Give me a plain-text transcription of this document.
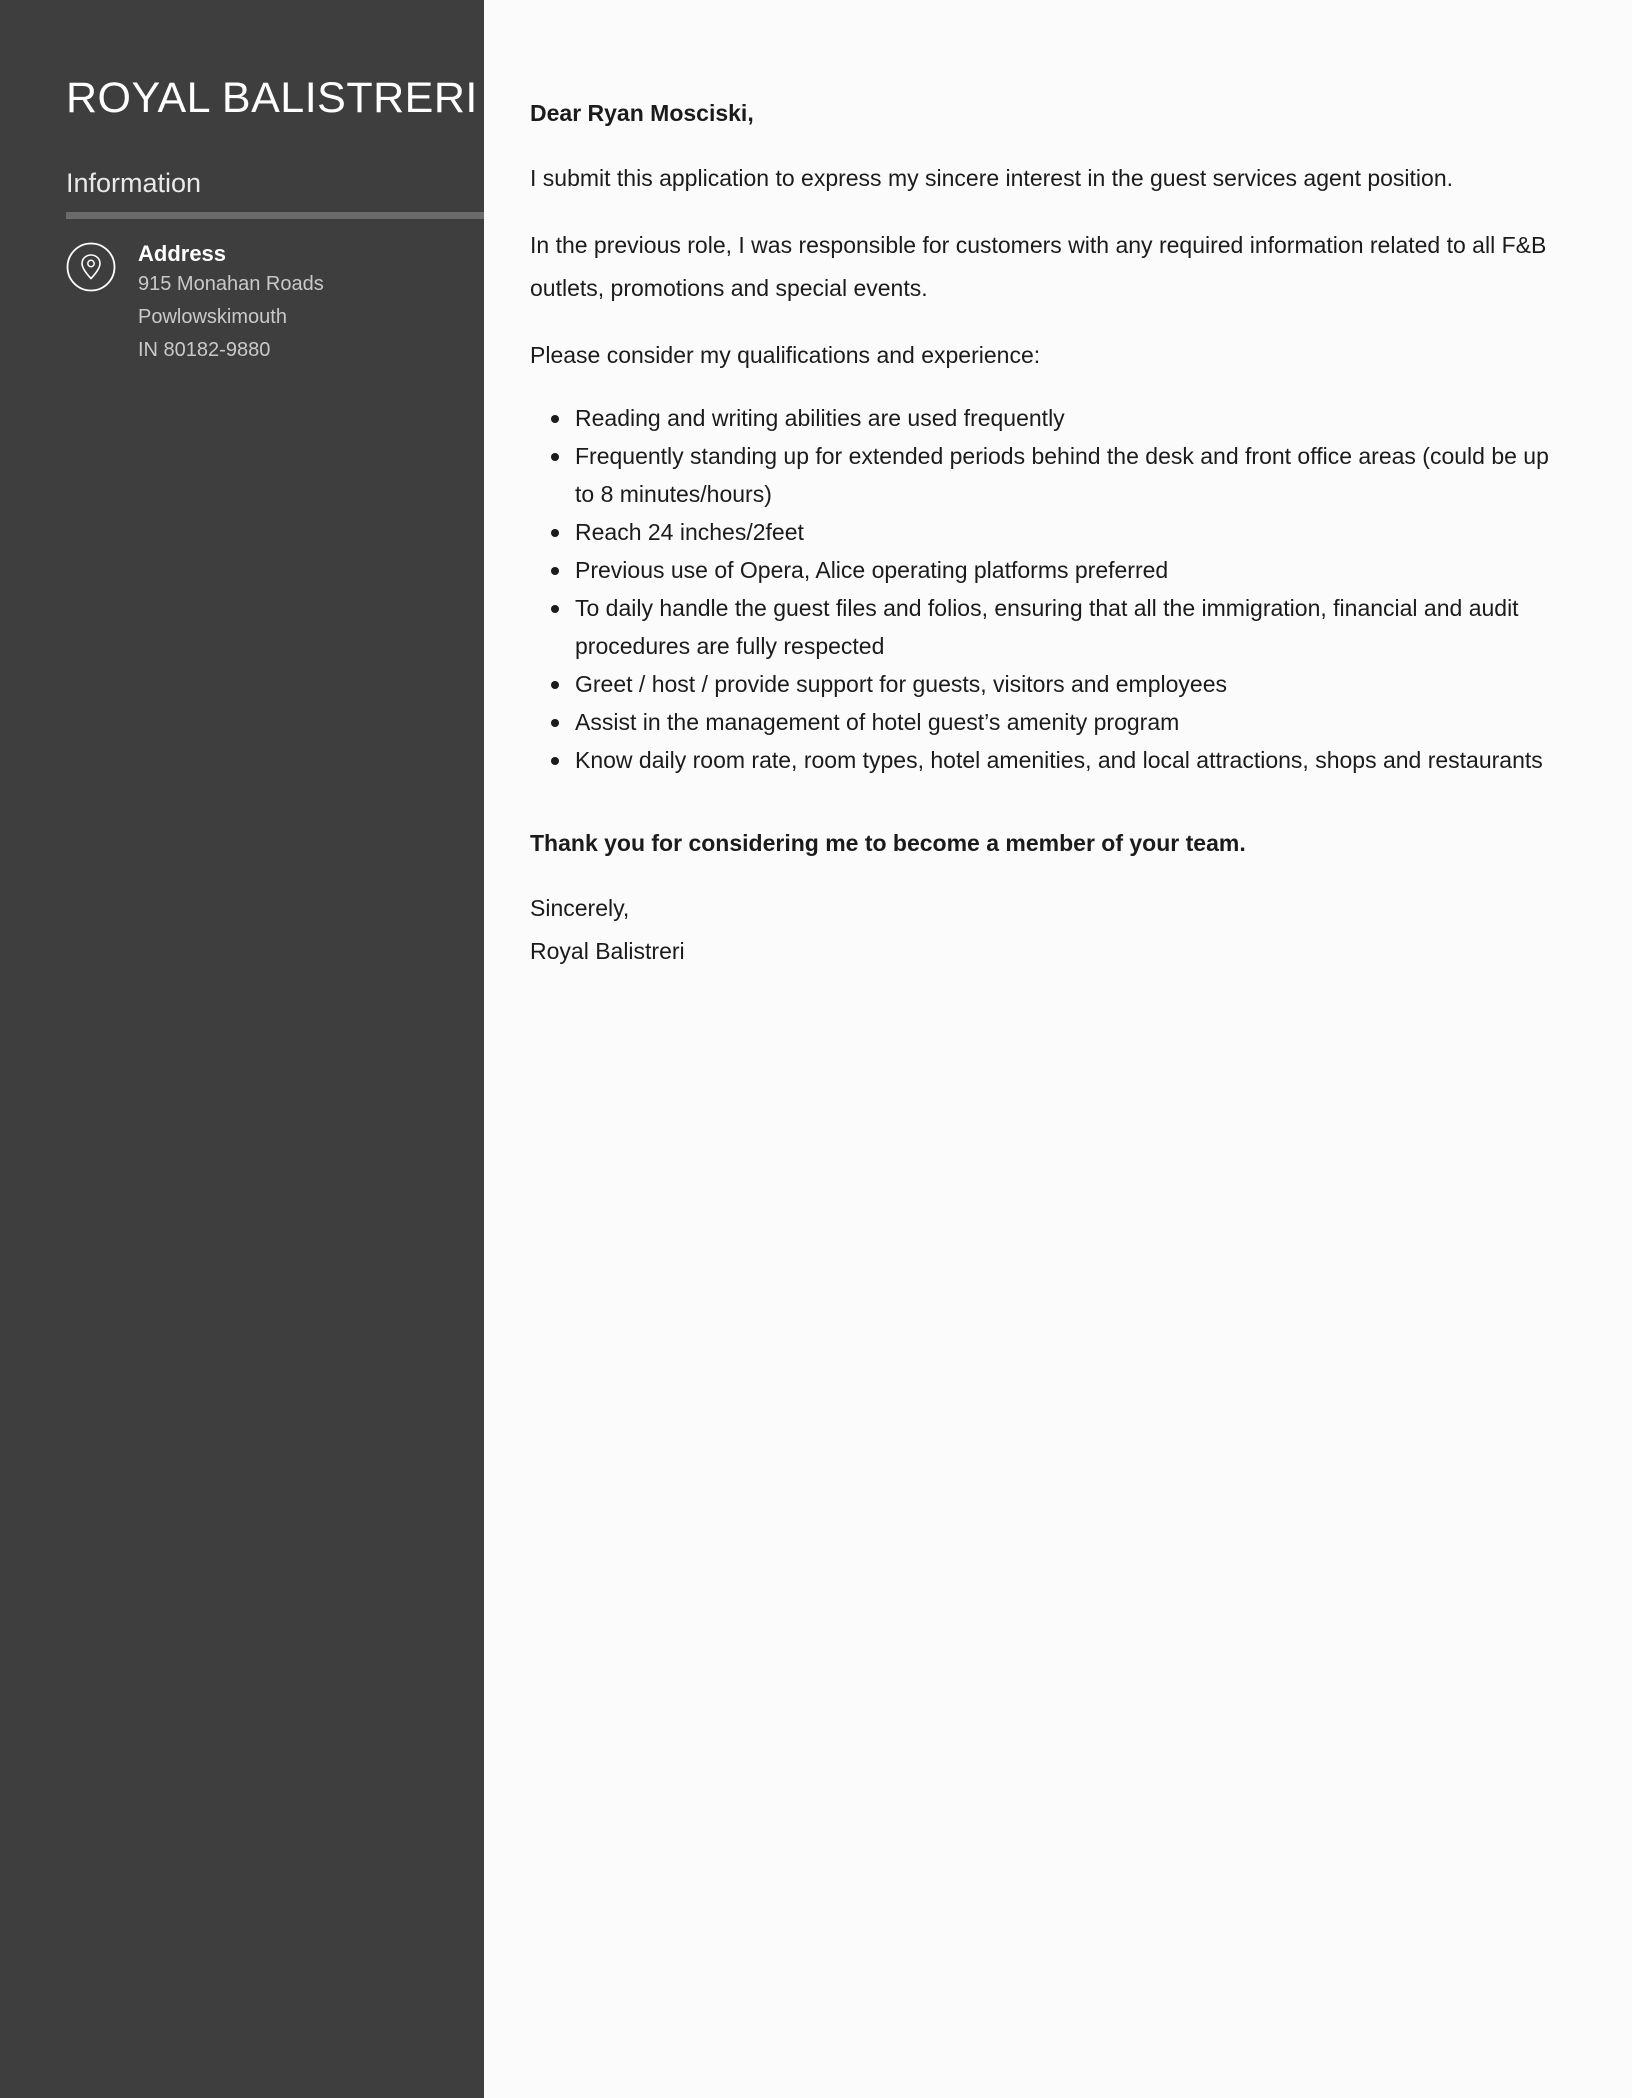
ROYAL BALISTRERI
Information
Address
915 Monahan Roads
Powlowskimouth
IN 80182-9880
Dear Ryan Mosciski,

I submit this application to express my sincere interest in the guest services agent position.

In the previous role, I was responsible for customers with any required information related to all F&B outlets, promotions and special events.

Please consider my qualifications and experience:

Reading and writing abilities are used frequently
Frequently standing up for extended periods behind the desk and front office areas (could be up to 8 minutes/hours)
Reach 24 inches/2feet
Previous use of Opera, Alice operating platforms preferred
To daily handle the guest files and folios, ensuring that all the immigration, financial and audit procedures are fully respected
Greet / host / provide support for guests, visitors and employees
Assist in the management of hotel guest’s amenity program
Know daily room rate, room types, hotel amenities, and local attractions, shops and restaurants
Thank you for considering me to become a member of your team.
Sincerely,
Royal Balistreri
